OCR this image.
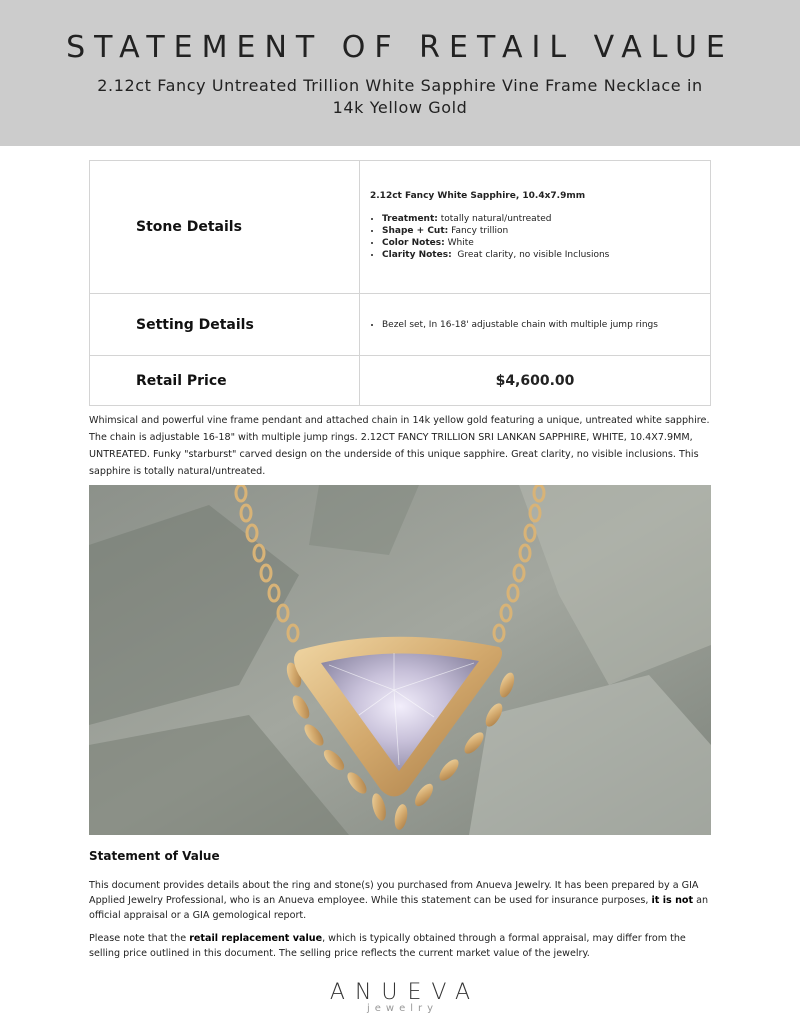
STATEMENT OF RETAIL VALUE
2.12ct Fancy Untreated Trillion White Sapphire Vine Frame Necklace in 14k Yellow Gold
Stone Details
2.12ct Fancy White Sapphire, 10.4x7.9mm
• Treatment: totally natural/untreated
• Shape + Cut: Fancy trillion
• Color Notes: White
• Clarity Notes:  Great clarity, no visible Inclusions
Setting Details
•	Bezel set, In 16-18' adjustable chain with multiple jump rings
Retail Price	$4,600.00
Whimsical and powerful vine frame pendant and attached chain in 14k yellow gold featuring a unique, untreated white sapphire. The chain is adjustable 16-18" with multiple jump rings. 2.12CT FANCY TRILLION SRI LANKAN SAPPHIRE, WHITE, 10.4X7.9MM, UNTREATED. Funky "starburst" carved design on the underside of this unique sapphire. Great clarity, no visible inclusions. This sapphire is totally natural/untreated.
Statement of Value
This document provides details about the ring and stone(s) you purchased from Anueva Jewelry. It has been prepared by a GIA Applied Jewelry Professional, who is an Anueva employee. While this statement can be used for insurance purposes, it is not an official appraisal or a GIA gemological report.
Please note that the retail replacement value, which is typically obtained through a formal appraisal, may differ from the selling price outlined in this document. The selling price reflects the current market value of the jewelry.
ANUEVA
jewelry
